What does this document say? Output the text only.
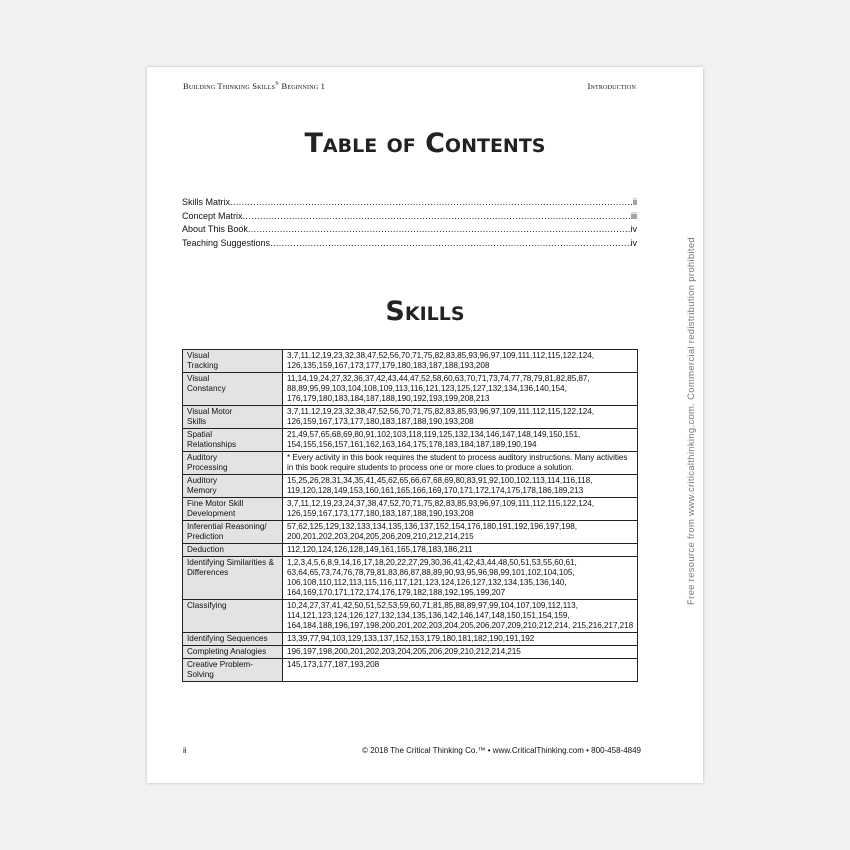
Building Thinking Skills® Beginning 1	Introduction
Table of Contents
Skills Matrix .....	ii
Concept Matrix .....	iii
About This Book .....	iv
Teaching Suggestions .....	iv
Skills
Visual
Tracking	3,7,11,12,19,23,32,38,47,52,56,70,71,75,82,83,85,93,96,97,109,111,112,115,122,124, 126,135,159,167,173,177,179,180,183,187,188,193,208
Visual
Constancy	11,14,19,24,27,32,36,37,42,43,44,47,52,58,60,63,70,71,73,74,77,78,79,81,82,85,87, 88,89,95,99,103,104,108,109,113,116,121,123,125,127,132,134,136,140,154, 176,179,180,183,184,187,188,190,192,193,199,208,213
Visual Motor
Skills	3,7,11,12,19,23,32,38,47,52,56,70,71,75,82,83,85,93,96,97,109,111,112,115,122,124, 126,159,167,173,177,180,183,187,188,190,193,208
Spatial
Relationships	21,49,57,65,68,69,80,91,102,103,118,119,125,132,134,146,147,148,149,150,151, 154,155,156,157,161,162,163,164,175,178,183,184,187,189,190,194
Auditory
Processing	* Every activity in this book requires the student to process auditory instructions. Many activities in this book require students to process one or more clues to produce a solution.
Auditory
Memory	15,25,26,28,31,34,35,41,45,62,65,66,67,68,69,80,83,91,92,100,102,113,114,116,118, 119,120,128,149,153,160,161,165,166,169,170,171,172,174,175,178,186,189,213
Fine Motor Skill
Development	3,7,11,12,19,23,24,37,38,47,52,70,71,75,82,83,85,93,96,97,109,111,112,115,122,124, 126,159,167,173,177,180,183,187,188,190,193,208
Inferential Reasoning/
Prediction	57,62,125,129,132,133,134,135,136,137,152,154,176,180,191,192,196,197,198, 200,201,202,203,204,205,206,209,210,212,214,215
Deduction	112,120,124,126,128,149,161,165,178,183,186,211
Identifying Similarities &
Differences	1,2,3,4,5,6,8,9,14,16,17,18,20,22,27,29,30,36,41,42,43,44,48,50,51,53,55,60,61, 63,64,65,73,74,76,78,79,81,83,86,87,88,89,90,93,95,96,98,99,101,102,104,105, 106,108,110,112,113,115,116,117,121,123,124,126,127,132,134,135,136,140, 164,169,170,171,172,174,176,179,182,188,192,195,199,207
Classifying	10,24,27,37,41,42,50,51,52,53,59,60,71,81,85,88,89,97,99,104,107,109,112,113, 114,121,123,124,126,127,132,134,135,136,142,146,147,148,150,151,154,159, 164,184,188,196,197,198,200,201,202,203,204,205,206,207,209,210,212,214, 215,216,217,218
Identifying Sequences	13,39,77,94,103,129,133,137,152,153,179,180,181,182,190,191,192
Completing Analogies	196,197,198,200,201,202,203,204,205,206,209,210,212,214,215
Creative Problem-
Solving	145,173,177,187,193,208
ii	© 2018 The Critical Thinking Co.™ • www.CriticalThinking.com • 800-458-4849
Free resource from www.criticalthinking.com. Commercial redistribution prohibited
